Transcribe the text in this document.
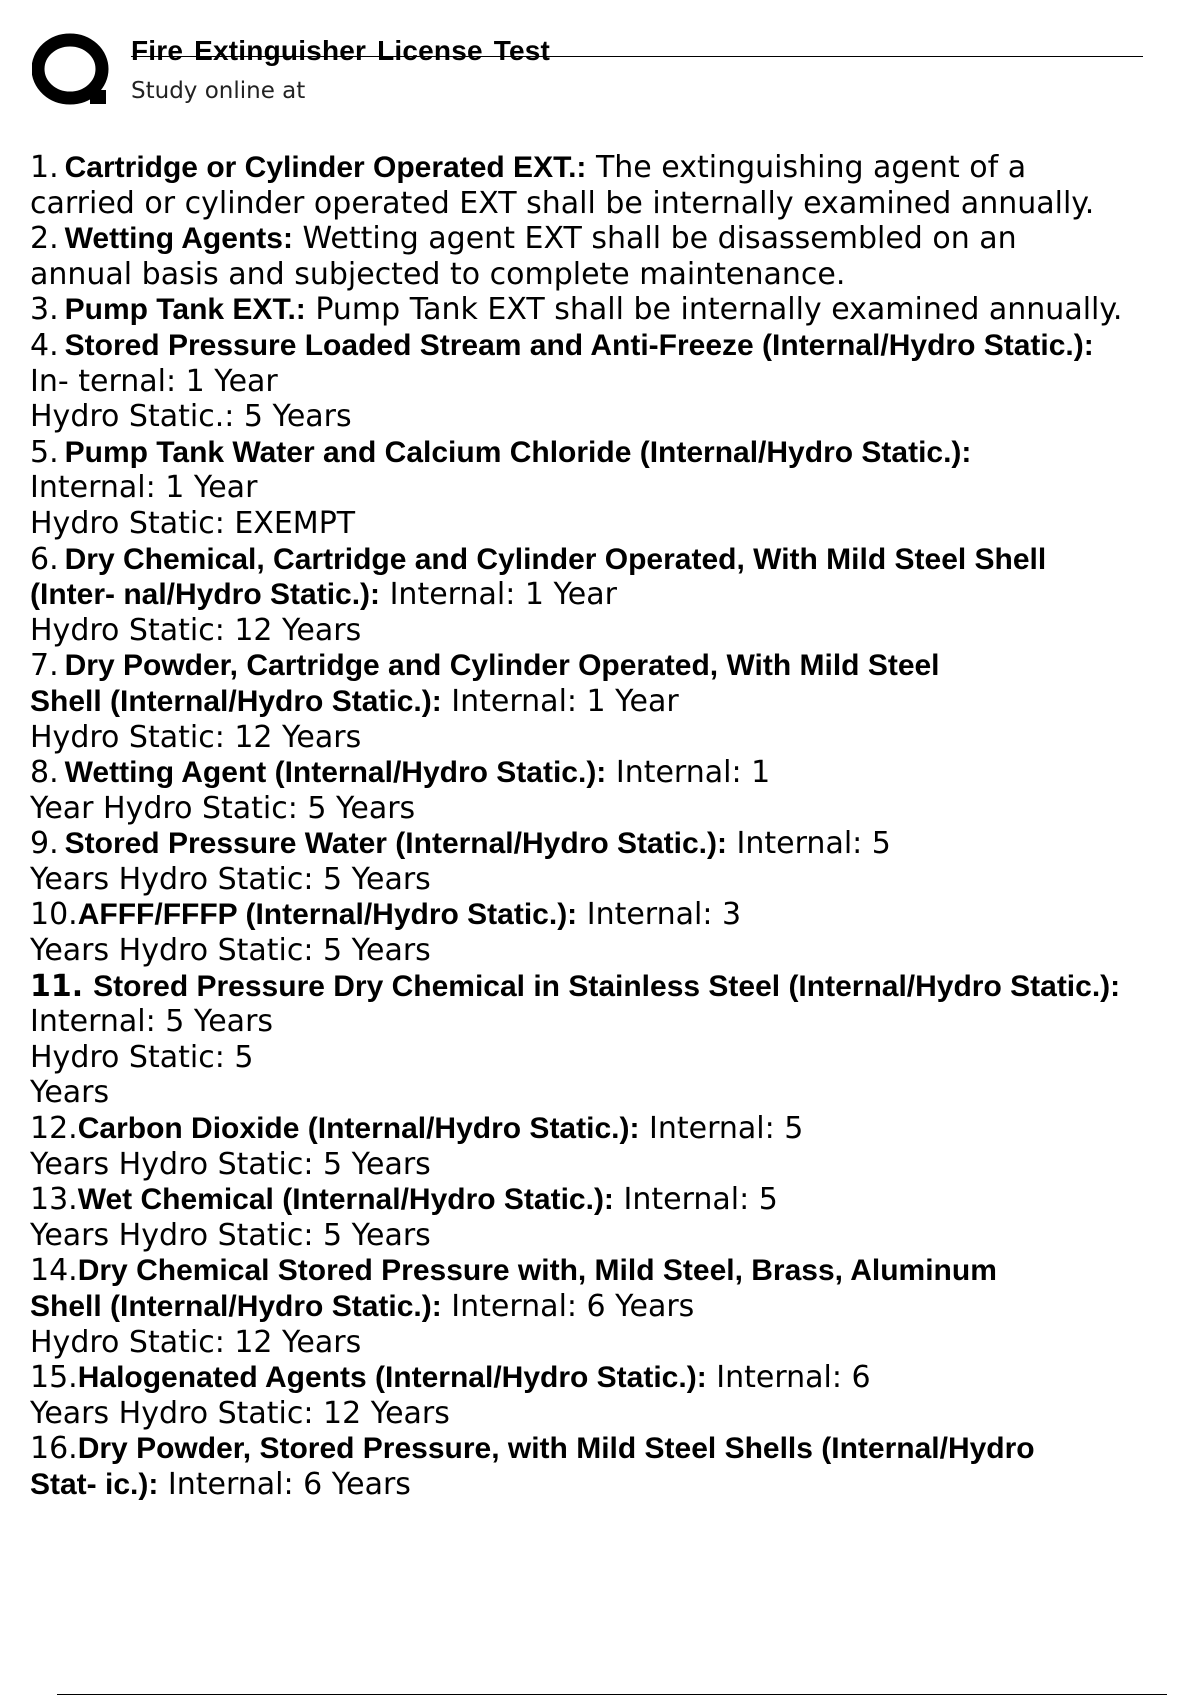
Fire Extinguisher License Test
Study online at
1. Cartridge or Cylinder Operated EXT.: The extinguishing agent of a
carried or cylinder operated EXT shall be internally examined annually.
2. Wetting Agents: Wetting agent EXT shall be disassembled on an
annual basis and subjected to complete maintenance.
3. Pump Tank EXT.: Pump Tank EXT shall be internally examined annually.
4. Stored Pressure Loaded Stream and Anti-Freeze (Internal/Hydro Static.):
In- ternal: 1 Year
Hydro Static.: 5 Years
5. Pump Tank Water and Calcium Chloride (Internal/Hydro Static.):
Internal: 1 Year
Hydro Static: EXEMPT
6. Dry Chemical, Cartridge and Cylinder Operated, With Mild Steel Shell
(Inter- nal/Hydro Static.): Internal: 1 Year
Hydro Static: 12 Years
7. Dry Powder, Cartridge and Cylinder Operated, With Mild Steel
Shell (Internal/Hydro Static.): Internal: 1 Year
Hydro Static: 12 Years
8. Wetting Agent (Internal/Hydro Static.): Internal: 1
Year Hydro Static: 5 Years
9. Stored Pressure Water (Internal/Hydro Static.): Internal: 5
Years Hydro Static: 5 Years
10.AFFF/FFFP (Internal/Hydro Static.): Internal: 3
Years Hydro Static: 5 Years
11. Stored Pressure Dry Chemical in Stainless Steel (Internal/Hydro Static.):
Internal: 5 Years
Hydro Static: 5
Years
12.Carbon Dioxide (Internal/Hydro Static.): Internal: 5
Years Hydro Static: 5 Years
13.Wet Chemical (Internal/Hydro Static.): Internal: 5
Years Hydro Static: 5 Years
14.Dry Chemical Stored Pressure with, Mild Steel, Brass, Aluminum
Shell (Internal/Hydro Static.): Internal: 6 Years
Hydro Static: 12 Years
15.Halogenated Agents (Internal/Hydro Static.): Internal: 6
Years Hydro Static: 12 Years
16.Dry Powder, Stored Pressure, with Mild Steel Shells (Internal/Hydro
Stat- ic.): Internal: 6 Years
